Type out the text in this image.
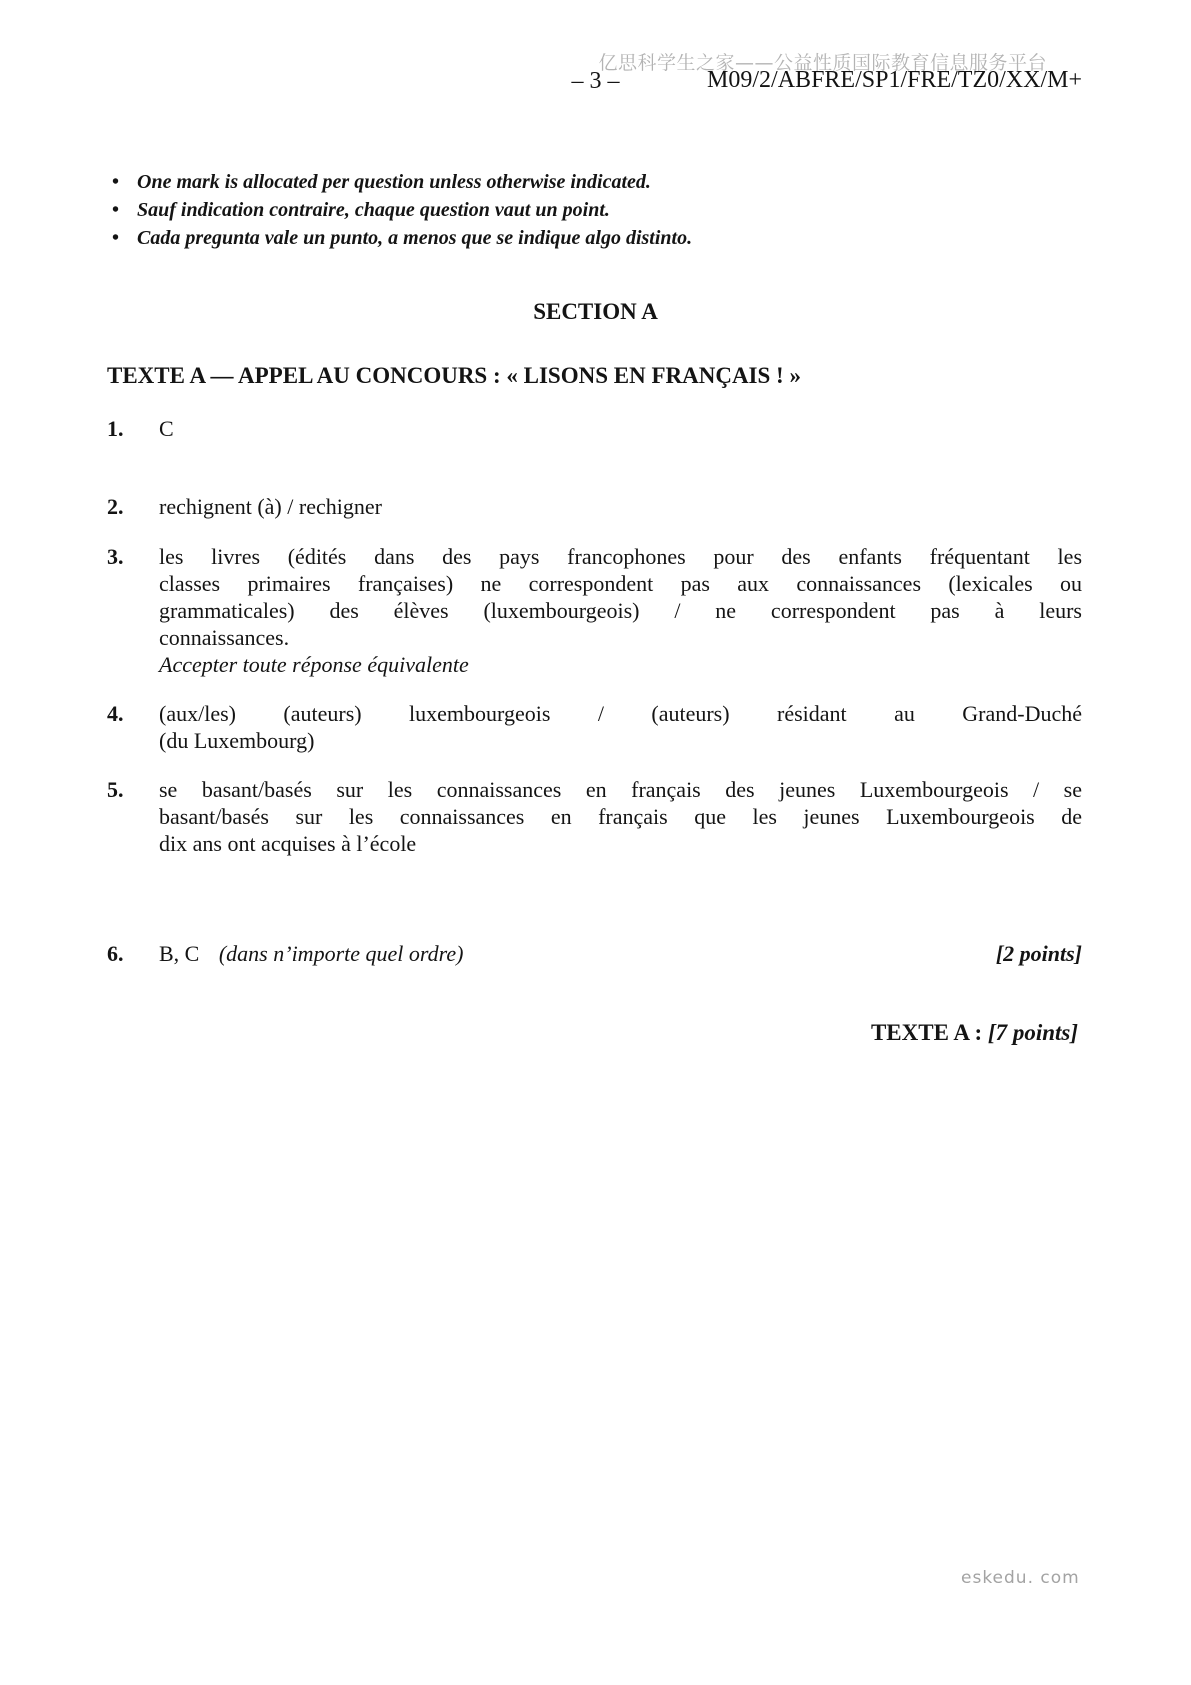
亿思科学生之家——公益性质国际教育信息服务平台
– 3 –	M09/2/ABFRE/SP1/FRE/TZ0/XX/M+
•
One mark is allocated per question unless otherwise indicated.
•
Sauf indication contraire, chaque question vaut un point.
•
Cada pregunta vale un punto, a menos que se indique algo distinto.
SECTION A
TEXTE A — APPEL AU CONCOURS : « LISONS EN FRANÇAIS ! »
1. C
2. rechignent (à) / rechigner
3. les livres (édités dans des pays francophones pour des enfants fréquentant les
classes primaires françaises) ne correspondent pas aux connaissances (lexicales ou
grammaticales) des élèves (luxembourgeois) / ne correspondent pas à leurs
connaissances.
Accepter toute réponse équivalente
4. (aux/les) (auteurs) luxembourgeois / (auteurs) résidant au Grand-Duché
(du Luxembourg)
5. se basant/basés sur les connaissances en français des jeunes Luxembourgeois / se
basant/basés sur les connaissances en français que les jeunes Luxembourgeois de
dix ans ont acquises à l’école
6.	[2 points]
B, C (dans n’importe quel ordre)
TEXTE A : [7 points]
eskedu. com
